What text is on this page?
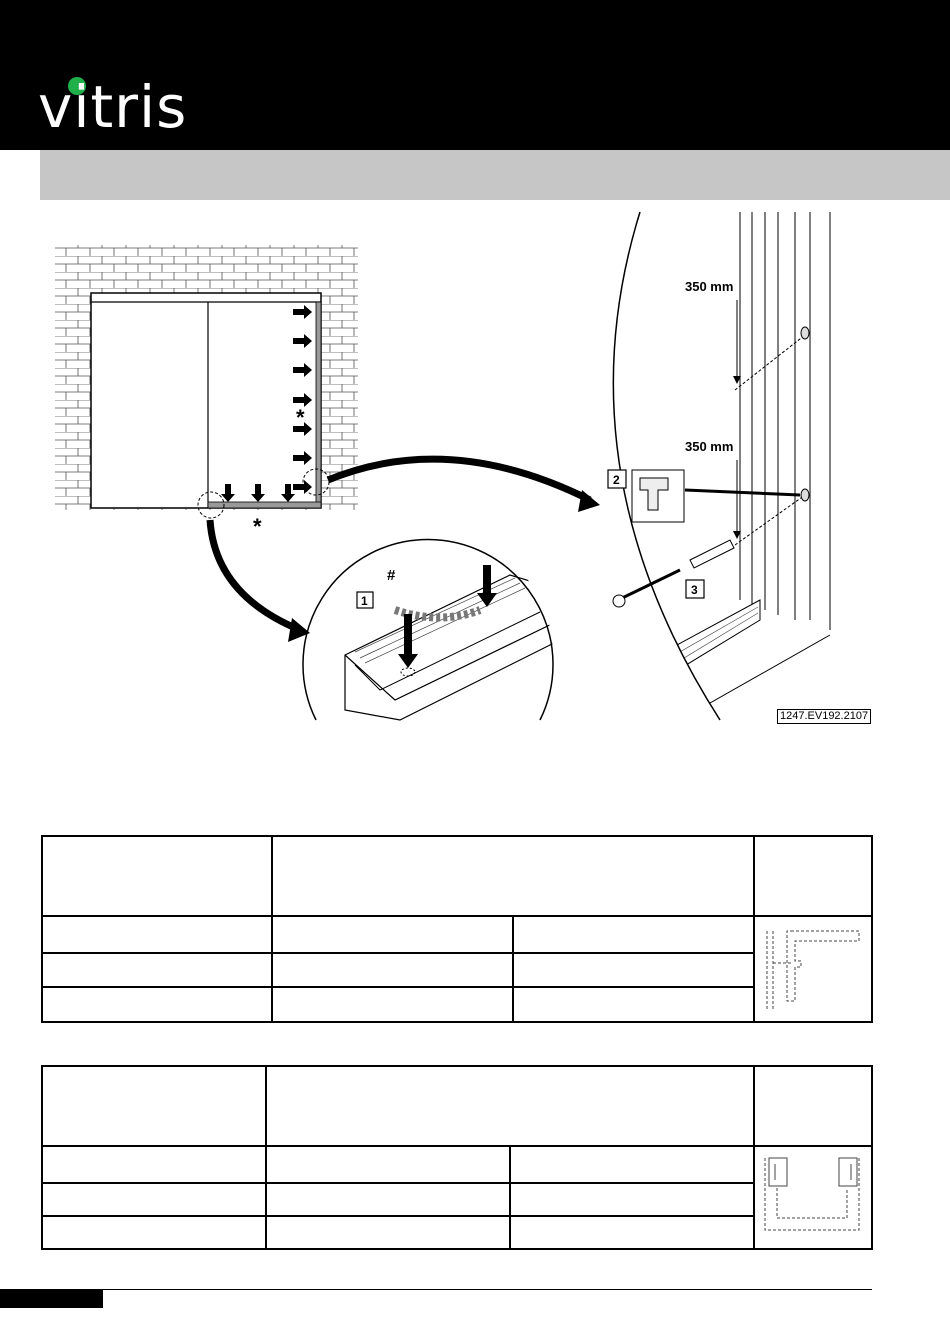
vitris
*
*
1
#
2
3
350 mm
350 mm
1247.EV192.2107
